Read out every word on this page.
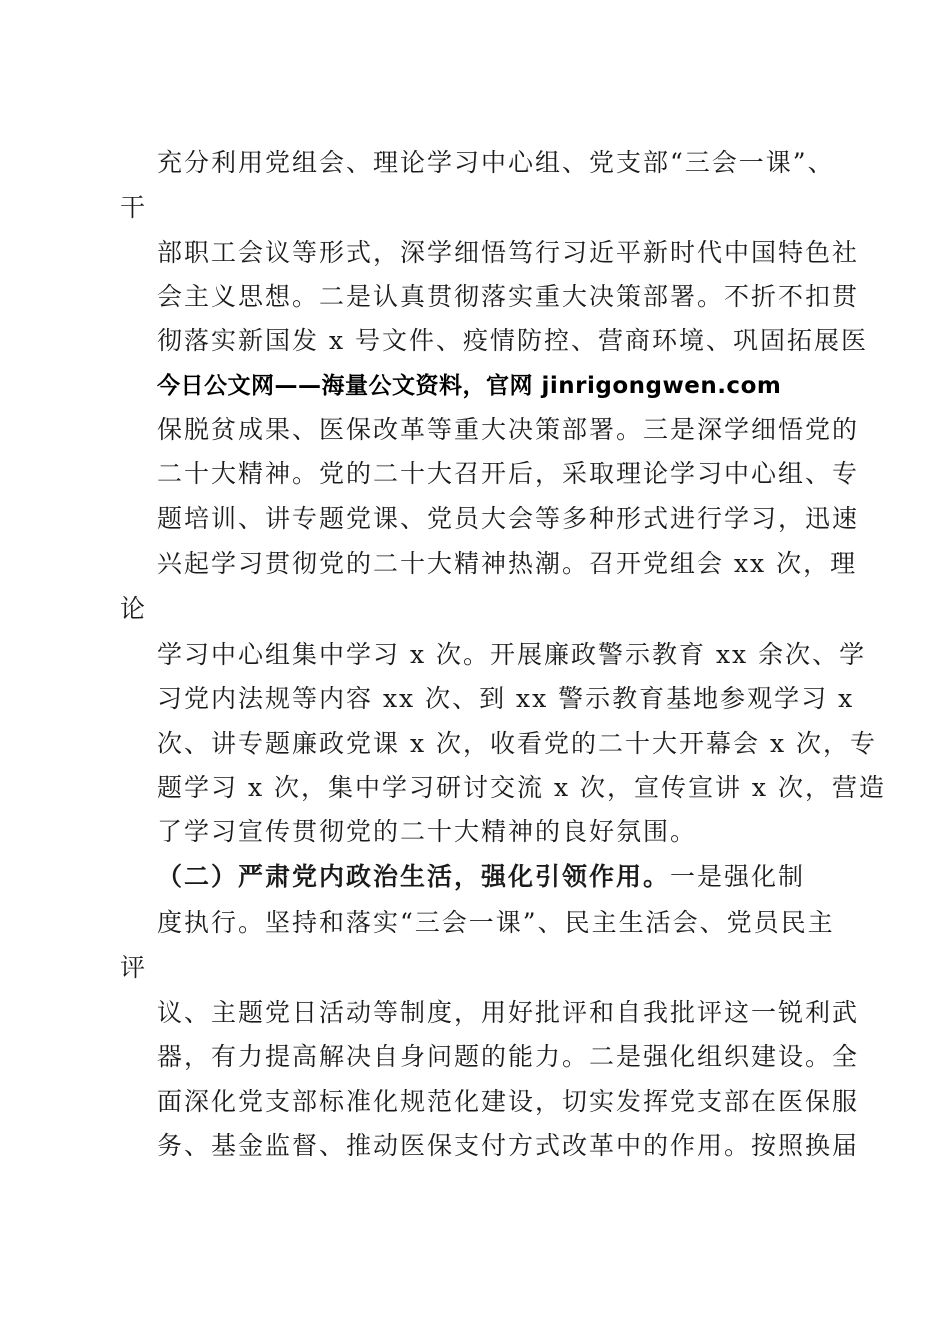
充分利用党组会、理论学习中心组、党支部“三会一课”、
干
部职工会议等形式，深学细悟笃行习近平新时代中国特色社
会主义思想。二是认真贯彻落实重大决策部署。不折不扣贯
彻落实新国发 x 号文件、疫情防控、营商环境、巩固拓展医
今日公文网——海量公文资料，官网 jinrigongwen.com
保脱贫成果、医保改革等重大决策部署。三是深学细悟党的
二十大精神。党的二十大召开后，采取理论学习中心组、专
题培训、讲专题党课、党员大会等多种形式进行学习，迅速
兴起学习贯彻党的二十大精神热潮。召开党组会 xx 次，理
论
学习中心组集中学习 x 次。开展廉政警示教育 xx 余次、学
习党内法规等内容 xx 次、到 xx 警示教育基地参观学习 x
次、讲专题廉政党课 x 次，收看党的二十大开幕会 x 次，专
题学习 x 次，集中学习研讨交流 x 次，宣传宣讲 x 次，营造
了学习宣传贯彻党的二十大精神的良好氛围。
（二）严肃党内政治生活，强化引领作用。一是强化制
度执行。坚持和落实“三会一课”、民主生活会、党员民主
评
议、主题党日活动等制度，用好批评和自我批评这一锐利武
器，有力提高解决自身问题的能力。二是强化组织建设。全
面深化党支部标准化规范化建设，切实发挥党支部在医保服
务、基金监督、推动医保支付方式改革中的作用。按照换届
